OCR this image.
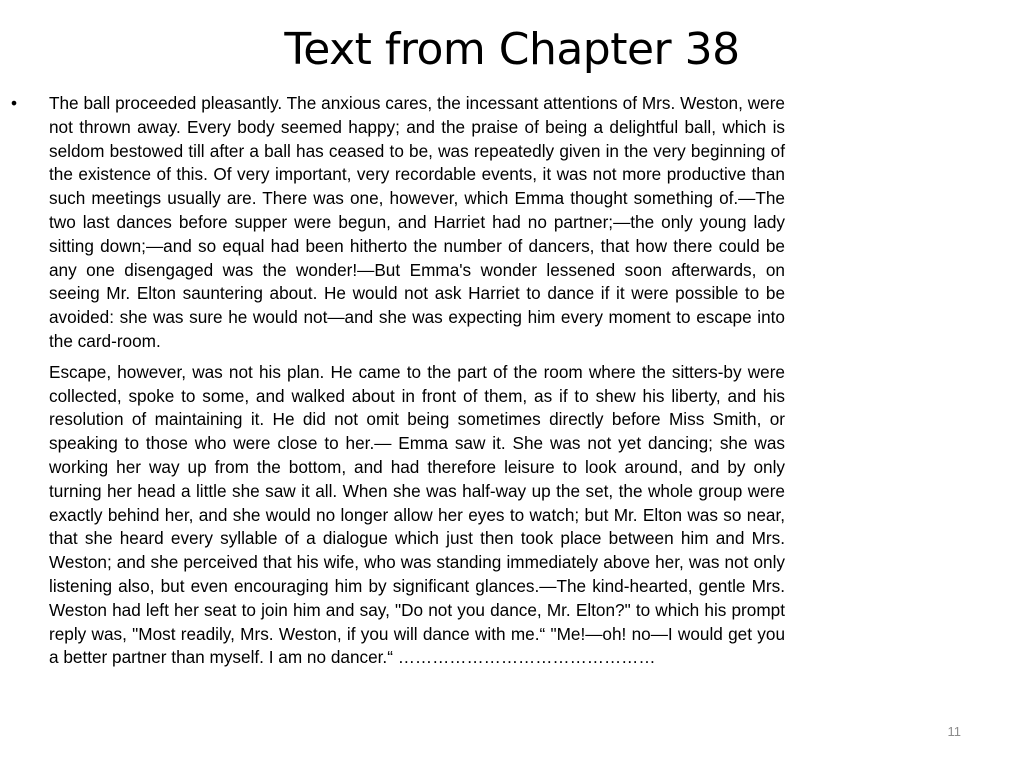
Text from Chapter 38

• The ball proceeded pleasantly. The anxious cares, the incessant attentions of Mrs. Weston, were not thrown away. Every body seemed happy; and the praise of being a delightful ball, which is seldom bestowed till after a ball has ceased to be, was repeatedly given in the very beginning of the existence of this. Of very important, very recordable events, it was not more productive than such meetings usually are. There was one, however, which Emma thought something of.—The two last dances before supper were begun, and Harriet had no partner;—the only young lady sitting down;—and so equal had been hitherto the number of dancers, that how there could be any one disengaged was the wonder!—But Emma's wonder lessened soon afterwards, on seeing Mr. Elton sauntering about. He would not ask Harriet to dance if it were possible to be avoided: she was sure he would not—and she was expecting him every moment to escape into the card-room.

Escape, however, was not his plan. He came to the part of the room where the sitters-by were collected, spoke to some, and walked about in front of them, as if to shew his liberty, and his resolution of maintaining it. He did not omit being sometimes directly before Miss Smith, or speaking to those who were close to her.— Emma saw it. She was not yet dancing; she was working her way up from the bottom, and had therefore leisure to look around, and by only turning her head a little she saw it all. When she was half-way up the set, the whole group were exactly behind her, and she would no longer allow her eyes to watch; but Mr. Elton was so near, that she heard every syllable of a dialogue which just then took place between him and Mrs. Weston; and she perceived that his wife, who was standing immediately above her, was not only listening also, but even encouraging him by significant glances.—The kind-hearted, gentle Mrs. Weston had left her seat to join him and say, "Do not you dance, Mr. Elton?" to which his prompt reply was, "Most readily, Mrs. Weston, if you will dance with me.“ "Me!—oh! no—I would get you a better partner than myself. I am no dancer.“ ………………………………………

11
